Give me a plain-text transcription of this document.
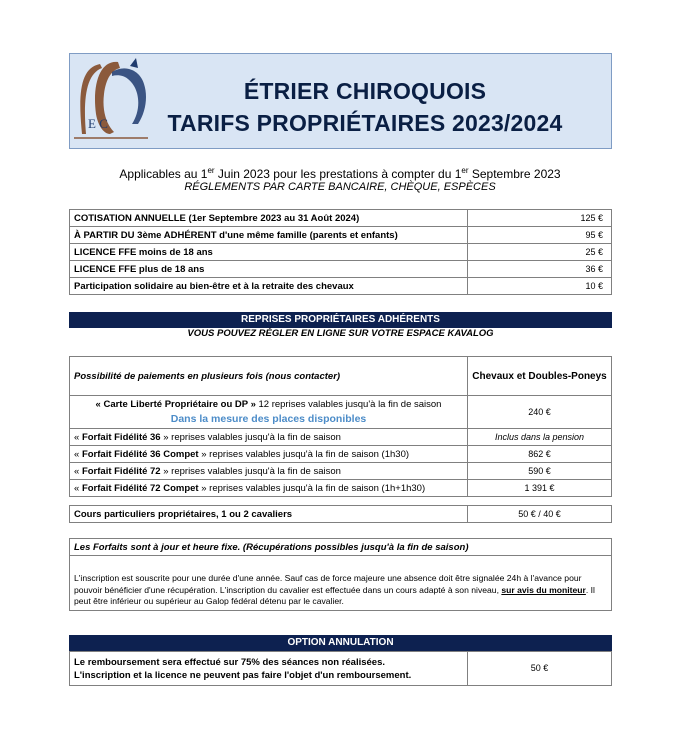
E C
ÉTRIER CHIROQUOIS
TARIFS PROPRIÉTAIRES 2023/2024
Applicables au 1er Juin 2023 pour les prestations à compter du 1er Septembre 2023
RÉGLEMENTS PAR CARTE BANCAIRE, CHÈQUE, ESPÈCES
COTISATION ANNUELLE (1er Septembre 2023 au 31 Août 2024)	125 €
À PARTIR DU 3ème ADHÉRENT d'une même famille (parents et enfants)	95 €
LICENCE FFE moins de 18 ans	25 €
LICENCE FFE plus de 18 ans	36 €
Participation solidaire au bien-être et à la retraite des chevaux	10 €
REPRISES PROPRIÉTAIRES ADHÉRENTS
VOUS POUVEZ RÉGLER EN LIGNE SUR VOTRE ESPACE KAVALOG
Possibilité de paiements en plusieurs fois (nous contacter)	Chevaux et Doubles-Poneys
« Carte Liberté Propriétaire ou DP » 12 reprises valables jusqu'à la fin de saison
Dans la mesure des places disponibles	240 €
« Forfait Fidélité 36 » reprises valables jusqu'à la fin de saison	Inclus dans la pension
« Forfait Fidélité 36 Compet » reprises valables jusqu'à la fin de saison (1h30)	862 €
« Forfait Fidélité 72 » reprises valables jusqu'à la fin de saison	590 €
« Forfait Fidélité 72 Compet » reprises valables jusqu'à la fin de saison (1h+1h30)	1 391 €
Cours particuliers propriétaires, 1 ou 2 cavaliers	50 € / 40 €
Les Forfaits sont à jour et heure fixe. (Récupérations possibles jusqu'à la fin de saison)
L'inscription est souscrite pour une durée d'une année. Sauf cas de force majeure une absence doit être signalée 24h à l'avance pour pouvoir bénéficier d'une récupération. L'inscription du cavalier est effectuée dans un cours adapté à son niveau, sur avis du moniteur. Il peut être inférieur ou supérieur au Galop fédéral détenu par le cavalier.
OPTION ANNULATION
Le remboursement sera effectué sur 75% des séances non réalisées.
L'inscription et la licence ne peuvent pas faire l'objet d'un remboursement.	50 €
